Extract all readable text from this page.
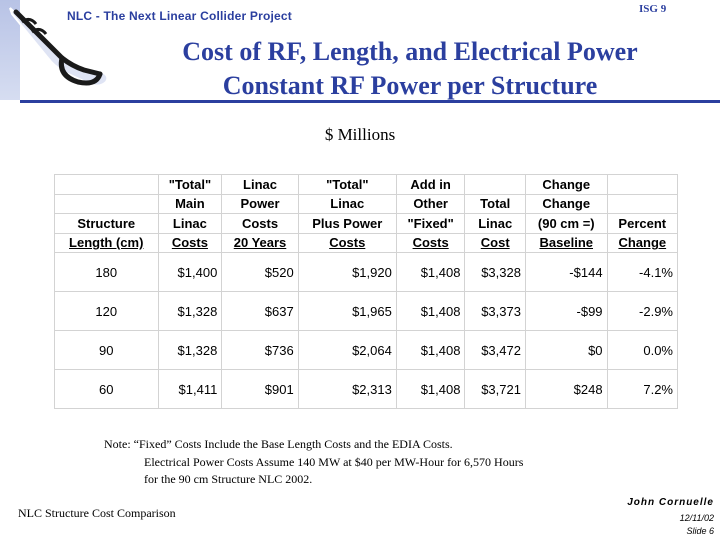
NLC - The Next Linear Collider Project	ISG 9
Cost of RF, Length, and Electrical Power
Constant RF Power per Structure
$ Millions
	"Total"	Linac	"Total"	Add in		Change	
	Main	Power	Linac	Other	Total	Change	
Structure	Linac	Costs	Plus Power	"Fixed"	Linac	(90 cm =)	Percent
Length (cm)	Costs	20 Years	Costs	Costs	Cost	Baseline	Change
180	$1,400	$520	$1,920	$1,408	$3,328	-$144	-4.1%
120	$1,328	$637	$1,965	$1,408	$3,373	-$99	-2.9%
90	$1,328	$736	$2,064	$1,408	$3,472	$0	0.0%
60	$1,411	$901	$2,313	$1,408	$3,721	$248	7.2%
Note: “Fixed” Costs Include the Base Length Costs and the EDIA Costs.
Electrical Power Costs Assume 140 MW at $40 per MW-Hour for 6,570 Hours
for the 90 cm Structure NLC 2002.
NLC Structure Cost Comparison
John Cornuelle
12/11/02
Slide 6
